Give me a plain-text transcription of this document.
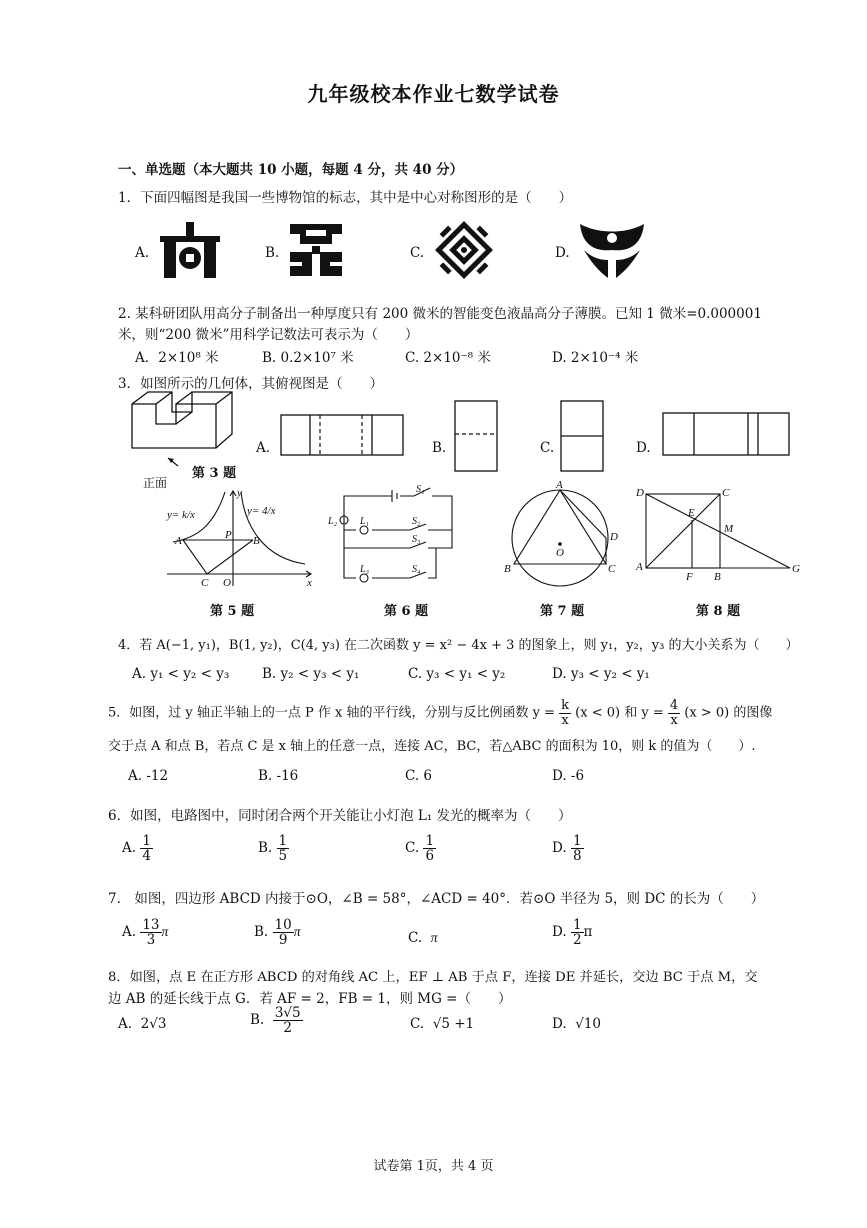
九年级校本作业七数学试卷
一、单选题（本大题共 10 小题，每题 4 分，共 40 分）
1．下面四幅图是我国一些博物馆的标志，其中是中心对称图形的是（　　）
A.	B.	C.	D.
2. 某科研团队用高分子制备出一种厚度只有 200 微米的智能变色液晶高分子薄膜。已知 1 微米=0.000001
米，则“200 微米”用科学记数法可表示为（　　）
A．2×10⁸ 米	B. 0.2×10⁷ 米	C. 2×10⁻⁸ 米	D. 2×10⁻⁴ 米
3．如图所示的几何体，其俯视图是（　　）
正面
第 3 题
A.	B.	C.	D.
A	P B
C O	x
y
y= k/x	y= 4/x
S₁
L₂ L₁	S₂
S₃
L₃	S₄
A
B	C
D
O
D	C
E
M
A
F B
G
第 5 题	第 6 题	第 7 题	第 8 题
4．若 A(−1, y₁)，B(1, y₂)，C(4, y₃) 在二次函数 y = x² − 4x + 3 的图象上，则 y₁，y₂，y₃ 的大小关系为（　　）
A. y₁ < y₂ < y₃ B. y₂ < y₃ < y₁	C. y₃ < y₁ < y₂	D. y₃ < y₂ < y₁
5．如图，过 y 轴正半轴上的一点 P 作 x 轴的平行线，分别与反比例函数 $y = \frac{k}{x} (x < 0)$ 和 $y = \frac{4}{x} (x > 0)$ 的图像
交于点 A 和点 B，若点 C 是 x 轴上的任意一点，连接 AC，BC，若△ABC 的面积为 10，则 k 的值为（　　）.
A. -12	B. -16	C. 6	D. -6
6．如图，电路图中，同时闭合两个开关能让小灯泡 L₁ 发光的概率为（　　）
A. $\frac{1}{4}$	B. $\frac{1}{5}$	C. $\frac{1}{6}$	D. $\frac{1}{8}$
7.　如图，四边形 ABCD 内接于⊙O，∠B = 58°，∠ACD = 40°．若⊙O 半径为 5，则 DC 的长为（　　）
A. $\frac{13}{3}$ π	B. $\frac{10}{9}$ π	C. π	D. $\frac{1}{2}$ π
8．如图，点 E 在正方形 ABCD 的对角线 AC 上，EF ⊥ AB 于点 F，连接 DE 并延长，交边 BC 于点 M，交
边 AB 的延长线于点 G．若 AF = 2，FB = 1，则 MG =（　　）
A. 2√3	B. $\frac{3√5}{2}$	C. √5 +1	D. √10
试卷第 1页，共 4 页
